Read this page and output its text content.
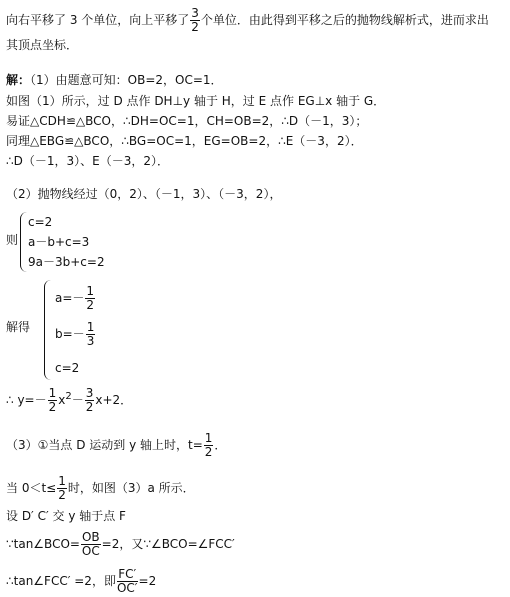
向右平移了 3 个单位，向上平移了 $\frac{3}{2}$ 个单位．由此得到平移之后的抛物线解析式，进而求出
其顶点坐标．
解：（1）由题意可知：OB=2，OC=1．
如图（1）所示，过 D 点作 DH⊥y 轴于 H，过 E 点作 EG⊥x 轴于 G．
易证△CDH≌△BCO，∴DH=OC=1，CH=OB=2，∴D（－1，3）；
同理△EBG≌△BCO，∴BG=OC=1，EG=OB=2，∴E（－3，2）．
∴D（－1，3）、E（－3，2）．
（2）抛物线经过（0，2）、（－1，3）、（－3，2），
则
c=2
a－b+c=3
9a－3b+c=2
解得
$a=- \frac{1}{2}$
$b=- \frac{1}{3}$
c=2
∴ $y=- \frac{1}{2} x^2- \frac{3}{2} x+2$．
（3）①当点 D 运动到 y 轴上时，$t= \frac{1}{2}$ ．
当 $0<t\le \frac{1}{2}$ 时，如图（3）a 所示．
设 D′ C′ 交 y 轴于点 F
∵tan∠BCO= $\frac{OB}{OC} =2$，又∵∠BCO=∠FCC′
∴tan∠FCC′ =2，即 $\frac{FC'}{OC'} =2$
